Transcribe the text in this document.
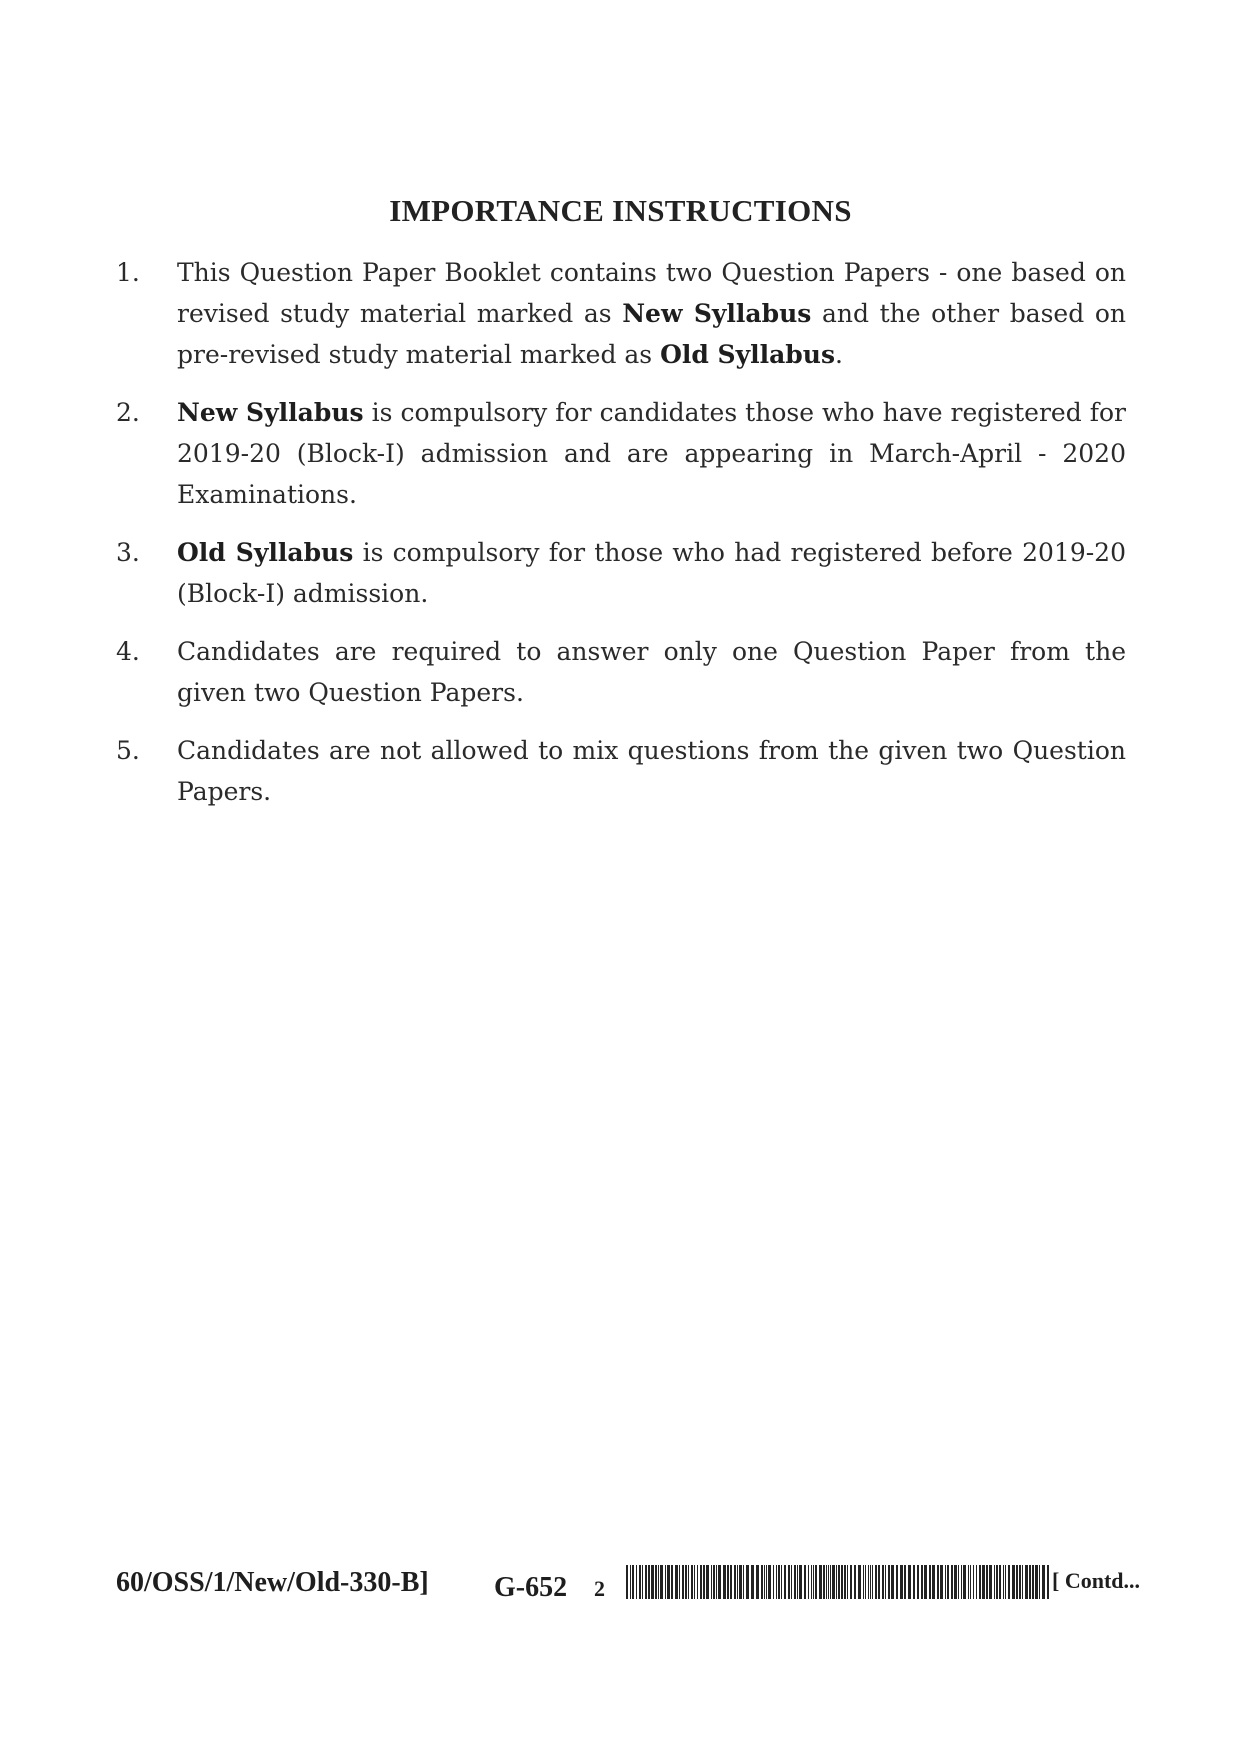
IMPORTANCE INSTRUCTIONS
1.	This Question Paper Booklet contains two Question Papers - one based on revised study material marked as New Syllabus and the other based on pre-revised study material marked as Old Syllabus.
2.	New Syllabus is compulsory for candidates those who have registered for 2019-20 (Block-I) admission and are appearing in March-April - 2020 Examinations.
3.	Old Syllabus is compulsory for those who had registered before 2019-20 (Block-I) admission.
4.	Candidates are required to answer only one Question Paper from the given two Question Papers.
5.	Candidates are not allowed to mix questions from the given two Question Papers.
60/OSS/1/New/Old-330-B] G-652 2	[ Contd...
